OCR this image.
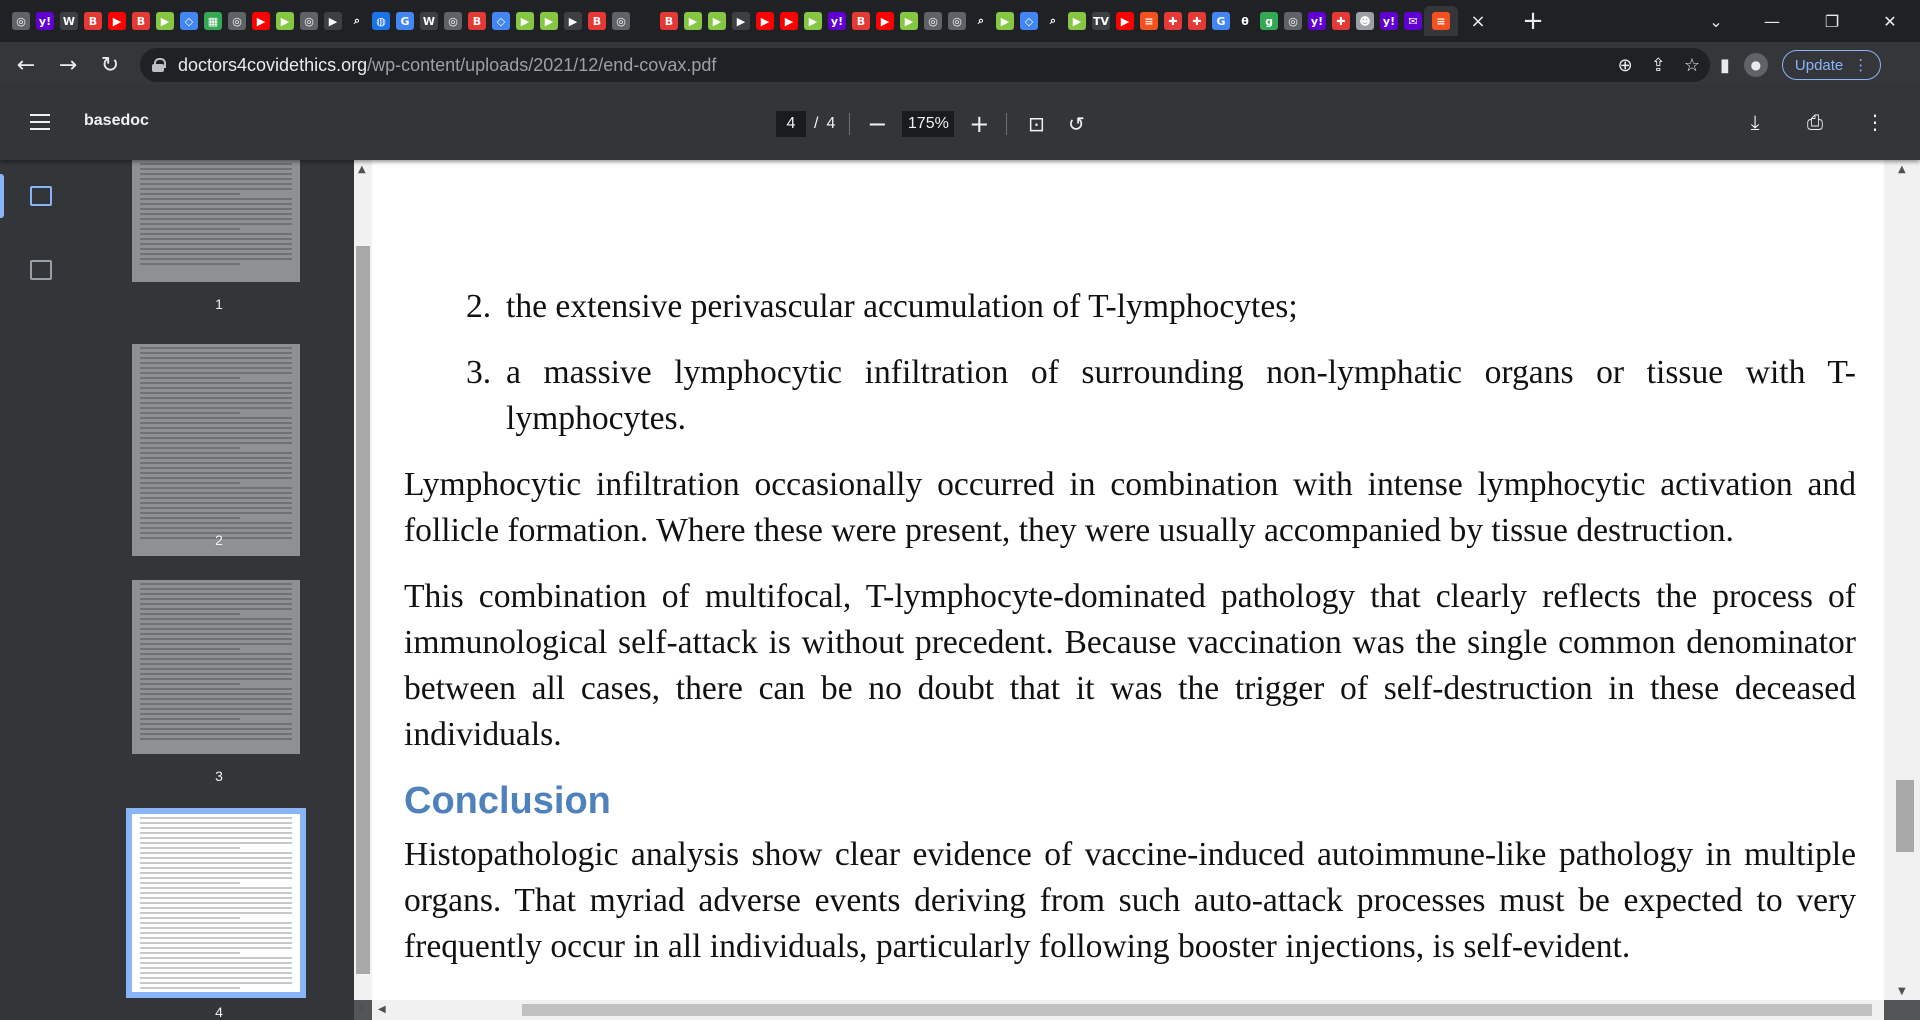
◎	y! W	B	▶	B	▶	◇	▦	◎	▶	▶	◎	▶	⌕	◍	G	W	◎	B	◇	▶	▶	▶	B	◎	B	▶	▶	▶	▶	▶	▶	y!	B	▶	▶	◎	◎	⌕	▶	◇	⌕	▶	TV	▶	≡	✚	✚	G	θ	g	◎	y!	✚	☻ y!	✉	≡ × +	⌄	—	❐	✕
←	→	↻	doctors4covidethics.org /wp-content/uploads/2021/12/end-covax.pdf	⊕ ⇪ ☆ ▮	●	Update ⋮
basedoc	4	/ 4 −	175% +	⊡	↺	⤓	⎙	⋮
1
2
3
4
▲
▼
2. the extensive perivascular accumulation of T-lymphocytes;
3. a massive lymphocytic infiltration of surrounding non-lymphatic organs or tissue with T-lymphocytes.

Lymphocytic infiltration occasionally occurred in combination with intense lymphocytic activation and follicle formation. Where these were present, they were usually accompanied by tissue destruction.

This combination of multifocal, T-lymphocyte-dominated pathology that clearly reflects the process of immunological self-attack is without precedent. Because vaccination was the single common denominator between all cases, there can be no doubt that it was the trigger of self-destruction in these deceased individuals.

Conclusion

Histopathologic analysis show clear evidence of vaccine-induced autoimmune-like pathology in multiple organs. That myriad adverse events deriving from such auto-attack processes must be expected to very frequently occur in all individuals, particularly following booster injections, is self-evident.

▲
▼
◀
